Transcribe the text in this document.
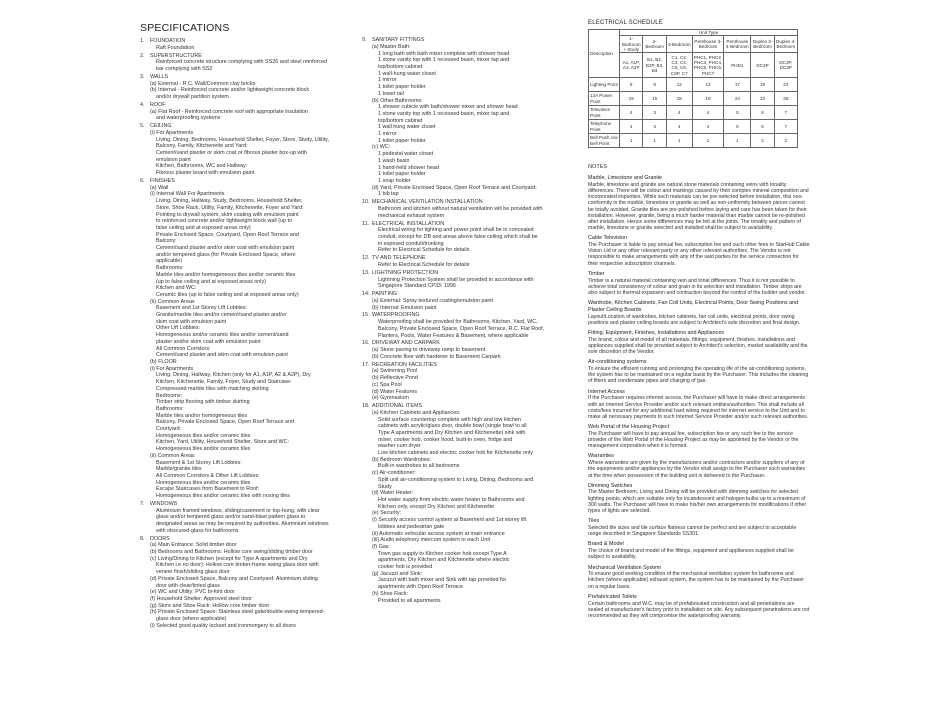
SPECIFICATIONS
1.	FOUNDATION
Raft Foundation
2.	SUPERSTRUCTURE
Reinforced concrete structure complying with SS26 and steel reinforced
bar complying with SS2
3.	WALLS
(a) External - R.C. Wall/Common clay bricks
(b) Internal - Reinforced concrete and/or lightweight concrete block
and/or drywall partition system
4.	ROOF
(a) Flat Roof - Reinforced concrete roof with appropriate insulation
and waterproofing systems
5.	CEILING
(i) For Apartments
Living, Dining, Bedrooms, Household Shelter, Foyer, Store, Study, Utility,
Balcony, Family, Kitchenette and Yard:
Cement/sand plaster or skim coat or fibrous plaster box-up with
emulsion paint
Kitchen, Bathrooms, WC and Hallway:
Fibrous plaster board with emulsion paint
6.	FINISHES
(a) Wall
(i) Internal Wall For Apartments
Living, Dining, Hallway, Study, Bedrooms, Household Shelter,
Store, Shoe Rack, Utility, Family, Kitchenette, Foyer and Yard:
Pointing to drywall system, skim coating with emulsion paint
to reinforced concrete and/or lightweight block wall (up to
false ceiling and at exposed areas only)
Private Enclosed Space, Courtyard, Open Roof Terrace and
Balcony:
Cement/sand plaster and/or skim coat with emulsion paint
and/or tempered glass (for Private Enclosed Space, where
applicable)
Bathrooms:
Marble tiles and/or homogeneous tiles and/or ceramic tiles
(up to false ceiling and at exposed areas only)
Kitchen and WC:
Ceramic tiles (up to false ceiling and at exposed areas only)
(ii) Common Areas
Basement and 1st Storey Lift Lobbies:
Granite/marble tiles and/or cement/sand plaster and/or
skim coat with emulsion paint
Other Lift Lobbies:
Homogeneous and/or ceramic tiles and/or cement/sand
plaster and/or skim coat with emulsion paint
All Common Corridors:
Cement/sand plaster and skim coat with emulsion paint
(b) FLOOR
(i) For Apartments
Living, Dining, Hallway, Kitchen (only for A1, A1P, A2 & A2P), Dry
Kitchen, Kitchenette, Family, Foyer, Study and Staircase:
Compressed marble tiles with matching skirting
Bedrooms:
Timber strip flooring with timber skirting
Bathrooms:
Marble tiles and/or homogeneous tiles
Balcony, Private Enclosed Space, Open Roof Terrace and
Courtyard:
Homogeneous tiles and/or ceramic tiles
Kitchen, Yard, Utility, Household Shelter, Store and WC:
Homogeneous tiles and/or ceramic tiles
(ii) Common Areas
Basement & 1st Storey Lift Lobbies:
Marble/granite tiles
All Common Corridors & Other Lift Lobbies:
Homogeneous tiles and/or ceramic tiles
Escape Staircases from Basement to Roof:
Homogeneous tiles and/or ceramic tiles with nosing tiles
7.	WINDOWS
Aluminium framed windows, sliding/casement or top-hung, with clear
glass and/or tempered glass and/or sand-blast pattern glass to
designated areas as may be required by authorities. Aluminium windows
with obscured-glass for bathrooms
8.	DOORS
(a) Main Entrance: Solid timber door
(b) Bedrooms and Bathrooms: Hollow core swing/sliding timber door
(c) Living/Dining to Kitchen (except for Type A apartments and Dry
Kitchen i.e no door): Hollow core timber-frame swing glass door with
veneer finish/sliding glass door
(d) Private Enclosed Space, Balcony and Courtyard: Aluminium sliding
door with clear/tinted glass
(e) WC and Utility: PVC bi-fold door
(f) Household Shelter: Approved steel door
(g) Store and Shoe Rack: Hollow core timber door
(h) Private Enclosed Space: Stainless steel gate/double-swing tempered-
glass door (where applicable)
(i) Selected good quality lockset and ironmongery to all doors
9.	SANITARY FITTINGS
(a) Master Bath:
1 long bath with bath mixer complete with shower head
1 stone vanity top with 1 recessed basin, mixer tap and
top/bottom cabinet
1 wall-hung water closet
1 mirror
1 toilet paper holder
1 towel rail
(b) Other Bathrooms:
1 shower cubicle with bath/shower mixer and shower head
1 stone vanity top with 1 recessed basin, mixer tap and
top/bottom cabinet
1 wall hung water closet
1 mirror
1 toilet paper holder
(c) WC:
1 pedestal water closet
1 wash basin
1 hand-held shower head
1 toilet paper holder
1 soap holder
(d) Yard, Private Enclosed Space, Open Roof Terrace and Courtyard:
1 bib tap
10. MECHANICAL VENTILATION INSTALLATION
Bathroom and kitchen without natural ventilation will be provided with
mechanical exhaust system
11. ELECTRICAL INSTALLATION
Electrical wiring for lighting and power point shall be in concealed
conduit, except for DB and areas above false ceiling which shall be
in exposed conduit/trunking
Refer to Electrical Schedule for details
12. TV AND TELEPHONE
Refer to Electrical Schedule for details
13. LIGHTNING PROTECTION
Lightning Protection System shall be provided in accordance with
Singapore Standard CP33: 1996
14. PAINTING
(a) External: Spray textured coating/emulsion paint
(b) Internal: Emulsion paint
15. WATERPROOFING
Waterproofing shall be provided for Bathrooms, Kitchen, Yard, WC,
Balcony, Private Enclosed Space, Open Roof Terrace, R.C. Flat Roof,
Planters, Pools, Water Features & Basement, where applicable
16. DRIVEWAY AND CARPARK
(a) Stone paving to driveway ramp to basement
(b) Concrete floor with hardener to Basement Carpark
17. RECREATION FACILITIES
(a) Swimming Pool
(b) Reflective Pond
(c) Spa Pool
(d) Water Features
(e) Gymnasium
18. ADDITIONAL ITEMS
(a) Kitchen Cabinets and Appliances:
Solid surface countertop complete with high and low kitchen
cabinets with acrylic/glass door, double bowl (single bowl to all
Type A apartments and Dry Kitchen and Kitchenette) sink with
mixer, cooker hob, cooker hood, built-in oven, fridge and
washer cum dryer
Low kitchen cabinets and electric cooker hob for Kitchenette only
(b) Bedroom Wardrobes:
Built-in wardrobes to all bedrooms
(c) Air-conditioner:
Split unit air-conditioning system to Living, Dining, Bedrooms and
Study
(d) Water Heater:
Hot water supply from electric water heater to Bathrooms and
Kitchen only, except Dry Kitchen and Kitchenette
(e) Security:
(i) Security access control system at Basement and 1st storey lift
lobbies and pedestrian gate
(ii) Automatic vehicular access system at main entrance
(iii) Audio telephony intercom system to each Unit
(f) Gas:
Town gas supply to Kitchen cooker hob except Type A
apartments, Dry Kitchen and Kitchenette where electric
cooker hob is provided
(g) Jacuzzi and Sink:
Jacuzzi with bath mixer and Sink with tap provided for
apartments with Open Roof Terrace
(h) Shoe Rack:
Provided to all apartments
ELECTRICAL SCHEDULE
Description	Unit Type						
	1-Bedroom + Study	2-Bedroom	3-Bedroom	Penthouse 3-Bedroom	Penthouse 4-Bedroom	Duplex 3-Bedroom	Duplex 4-Bedroom
	A1, A1P, A2, A2P	B1, B2, B2P, B3, B4	C1, C2, C3, C4, C5, C6, C6P, C7	PHC1, PHC2, PHC3, PHC4, PHC5, PHC6, PHC7	PHD1	DC3P	DC3P, DC3P
Lighting Point	8	9	12	13	17	18	23
13A Power Point	15	16	18	19	24	23	28
Television Point	4	3	4	4	5	6	7
Telephone Point	4	3	4	4	5	6	7
Bell Push c/w Bell Point	1	1	1	1	1	2	2
NOTES
Marble, Limestone and Granite
Marble, limestone and granite are natural stone materials containing veins with tonality differences. There will be colour and markings caused by their complex mineral composition and incorporated impurities. While such materials can be pre-selected before installation, this non-conformity in the marble, limestone or granite as well as non-uniformity between pieces cannot be totally avoided. Granite tiles are pre-polished before laying and care has been taken for their installation. However, granite, being a much harder material than marble cannot be re-polished after installation. Hence some differences may be felt at the joints. The tonality and pattern of marble, limestone or granite selected and installed shall be subject to availability.
Cable Television
The Purchaser is liable to pay annual fee, subscription fee and such other fees to StarHub Cable Vision Ltd or any other relevant party or any other relevant authorities. The Vendor is not responsible to make arrangements with any of the said parties for the service connection for their respective subscription channels.
Timber
Timber is a natural material containing vein and tonal differences. Thus it is not possible to achieve total consistency of colour and grain in its selection and installation. Timber strips are also subject to thermal expansion and contraction beyond the control of the builder and vendor.
Wardrobe, Kitchen Cabinets, Fan Coil Units, Electrical Points, Door Swing Positions and Plaster Ceiling Boards
Layout/Location of wardrobes, kitchen cabinets, fan coil units, electrical points, door swing positions and plaster ceiling boards are subject to Architect's sole discretion and final design.
Fitting, Equipment, Finishes, Installations and Appliances
The brand, colour and model of all materials, fittings, equipment, finishes, installations and appliances supplied shall be provided subject to Architect's selection, market availability and the sole discretion of the Vendor.
Air-conditioning systems
To ensure the efficient running and prolonging the operating life of the air-conditioning systems, the system has to be maintained on a regular basis by the Purchaser. This includes the cleaning of filters and condensate pipes and charging of gas.
Internet Access
If the Purchaser requires internet access, the Purchaser will have to make direct arrangements with an Internet Service Provider and/or such relevant entities/authorities. This shall include all costs/fees incurred for any additional hard wiring required for internet service to the Unit and to make all necessary payments to such Internet Service Provider and/or such relevant authorities.
Web Portal of the Housing Project
The Purchaser will have to pay annual fee, subscription fee or any such fee to the service provider of the Web Portal of the Housing Project as may be appointed by the Vendor or the management corporation when it is formed.
Warranties
Where warranties are given by the manufacturers and/or contractors and/or suppliers of any of the equipments and/or appliances by the Vendor shall assign to the Purchaser such warranties at the time when possession of the building unit is delivered to the Purchaser.
Dimming Switches
The Master Bedroom, Living and Dining will be provided with dimming switches for selected lighting points, which are suitable only for incandescent and halogen bulbs up to a maximum of 300 watts. The Purchaser will have to make his/her own arrangements for modifications if other types of lights are selected.
Tiles
Selected tile sizes and tile surface flatness cannot be perfect and are subject to acceptable range described in Singapore Standards SS301.
Brand & Model
The choice of brand and model of the fittings, equipment and appliances supplied shall be subject to availability.
Mechanical Ventilation System
To ensure good working condition of the mechanical ventilation system for bathrooms and kitchen (where applicable) exhaust system, the system has to be maintained by the Purchaser on a regular basis.
Prefabricated Toilets
Certain bathrooms and W.C. may be of prefabricated construction and all penetrations are sealed at manufacturer's factory prior to installation on site. Any subsequent penetrations are not recommended as they will compromise the waterproofing warranty.
